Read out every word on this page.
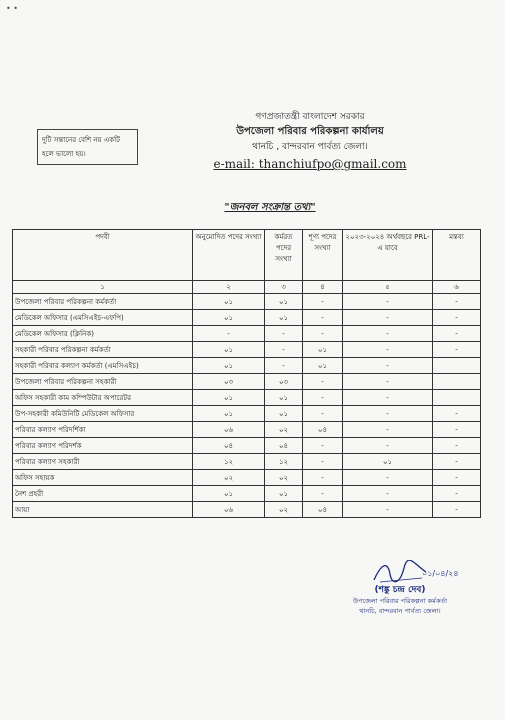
• •
দুটি সন্তানের বেশি নয় একটি হলে ভালো হয়।
গণপ্রজাতন্ত্রী বাংলাদেশ সরকার
উপজেলা পরিবার পরিকল্পনা কার্যালয়
থানচি , বান্দরবান পার্বত্য জেলা।
e-mail: thanchiufpo@gmail.com
"জনবল সংক্রান্ত তথ্য"
পদবী	অনুমোদিত পদের সংখ্যা	কর্মরত পদের সংখ্যা	শূণ্য পদের সংখ্যা	২০২৩-২০২৪ অর্থবছরে PRL-এ যাবে	মন্তব্য
১	২	৩	৪	৫	৬
উপজেলা পরিবার পরিকল্পনা কর্মকর্তা	০১	০১	-	-	-
মেডিকেল অফিসার (এমসিএইচ-এফপি)	০১	০১	-	-	-
মেডিকেল অফিসার (ক্লিনিক)	-	-	-	-	-
সহকারী পরিবার পরিকল্পনা কর্মকর্তা	০১	-	০১	-	-
সহকারী পরিবার কল্যাণ কর্মকর্তা (এমসিএইচ)	০১	-	০১	-	
উপজেলা পরিবার পরিকল্পনা সহকারী	০৩	০৩	-	-	
অফিস সহকারী কাম কম্পিউটার অপারেটর	০১	০১	-	-	
উপ-সহকারী কমিউনিটি মেডিকেল অফিসার	০১	০১	-	-	-
পরিবার কল্যাণ পরিদর্শিকা	০৬	০২	০৪	-	-
পরিবার কল্যাণ পরিদর্শক	০৪	০৪	-	-	-
পরিবার কল্যাণ সহকারী	১২	১২	-	০১	-
অফিস সহায়ক	০২	০২	-	-	-
নৈশ প্রহরী	০১	০১	-	-	-
আয়া	০৬	০২	০৪	-	-
০১/০৪/২৪
(শঙ্কু চন্দ্র দেব)
উপজেলা পরিবার পরিকল্পনা কর্মকর্তা
থানচি, বান্দরবান পার্বত্য জেলা।
